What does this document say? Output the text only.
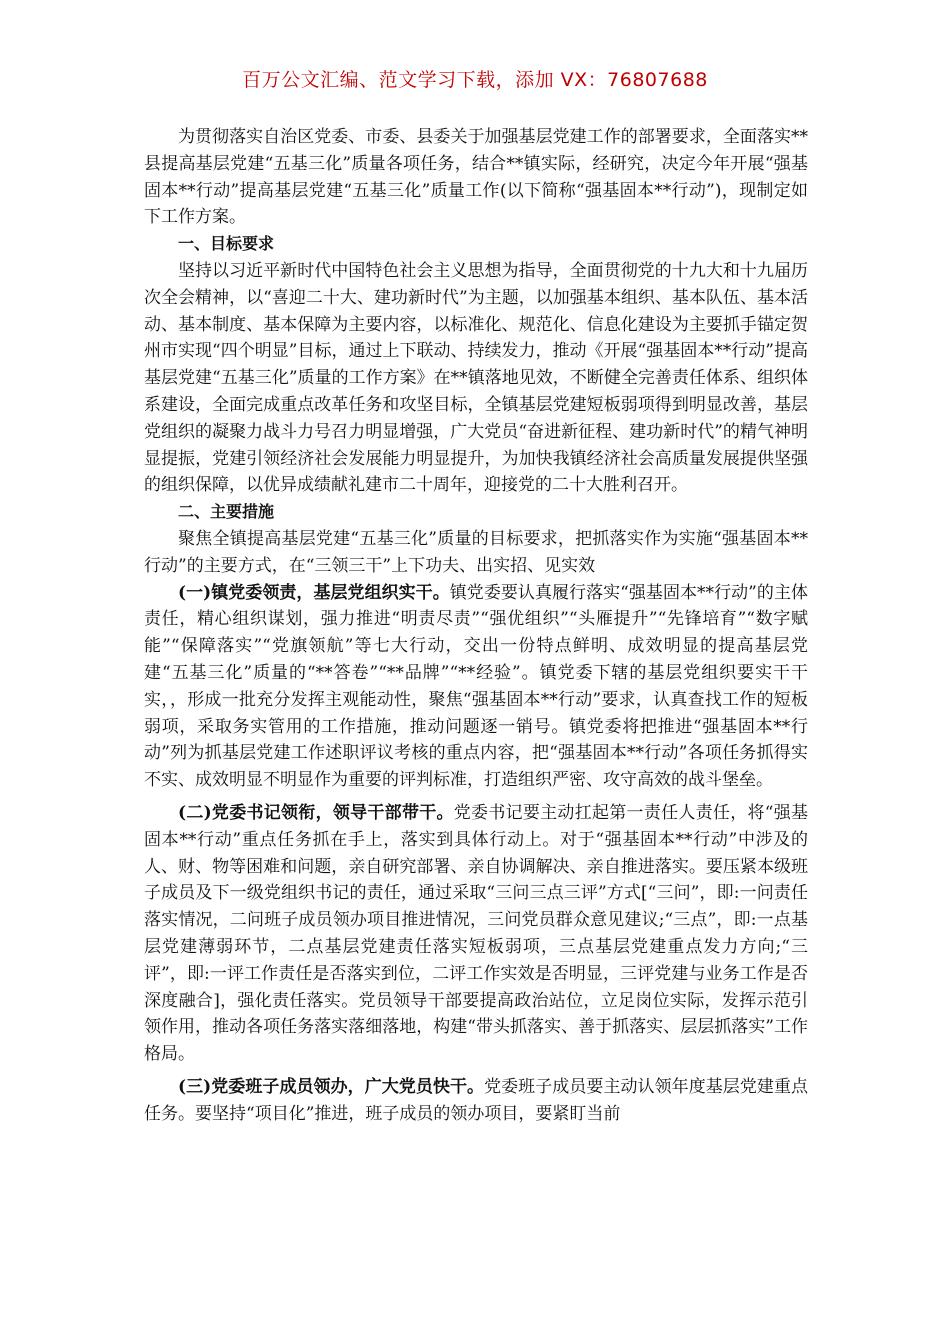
百万公文汇编、范文学习下载，添加 VX：76807688

为贯彻落实自治区党委、市委、县委关于加强基层党建工作的部署要求，全面落实**县提高基层党建“五基三化”质量各项任务，结合**镇实际，经研究，决定今年开展“强基固本**行动”提高基层党建“五基三化”质量工作(以下简称“强基固本**行动”)，现制定如下工作方案。

一、目标要求

坚持以习近平新时代中国特色社会主义思想为指导，全面贯彻党的十九大和十九届历次全会精神，以“喜迎二十大、建功新时代”为主题，以加强基本组织、基本队伍、基本活动、基本制度、基本保障为主要内容，以标准化、规范化、信息化建设为主要抓手锚定贺州市实现“四个明显”目标，通过上下联动、持续发力，推动《开展“强基固本**行动”提高基层党建“五基三化”质量的工作方案》在**镇落地见效，不断健全完善责任体系、组织体系建设，全面完成重点改革任务和攻坚目标，全镇基层党建短板弱项得到明显改善，基层党组织的凝聚力战斗力号召力明显增强，广大党员“奋进新征程、建功新时代”的精气神明显提振，党建引领经济社会发展能力明显提升，为加快我镇经济社会高质量发展提供坚强的组织保障，以优异成绩献礼建市二十周年，迎接党的二十大胜利召开。

二、主要措施

聚焦全镇提高基层党建“五基三化”质量的目标要求，把抓落实作为实施“强基固本**行动”的主要方式，在“三领三干”上下功夫、出实招、见实效

(一)镇党委领责，基层党组织实干。镇党委要认真履行落实“强基固本**行动”的主体责任，精心组织谋划，强力推进“明责尽责”“强优组织”“头雁提升”“先锋培育”“数字赋能”“保障落实”“党旗领航”等七大行动，交出一份特点鲜明、成效明显的提高基层党建“五基三化”质量的“**答卷”“**品牌”“**经验”。镇党委下辖的基层党组织要实干干实，，形成一批充分发挥主观能动性，聚焦“强基固本**行动”要求，认真查找工作的短板弱项，采取务实管用的工作措施，推动问题逐一销号。镇党委将把推进“强基固本**行动”列为抓基层党建工作述职评议考核的重点内容，把“强基固本**行动”各项任务抓得实不实、成效明显不明显作为重要的评判标准，打造组织严密、攻守高效的战斗堡垒。

(二)党委书记领衔，领导干部带干。党委书记要主动扛起第一责任人责任，将“强基固本**行动”重点任务抓在手上，落实到具体行动上。对于“强基固本**行动”中涉及的人、财、物等困难和问题，亲自研究部署、亲自协调解决、亲自推进落实。要压紧本级班子成员及下一级党组织书记的责任，通过采取“三问三点三评”方式[“三问”，即:一问责任落实情况，二问班子成员领办项目推进情况，三问党员群众意见建议;“三点”，即:一点基层党建薄弱环节，二点基层党建责任落实短板弱项，三点基层党建重点发力方向;“三评”，即:一评工作责任是否落实到位，二评工作实效是否明显，三评党建与业务工作是否深度融合]，强化责任落实。党员领导干部要提高政治站位，立足岗位实际，发挥示范引领作用，推动各项任务落实落细落地，构建“带头抓落实、善于抓落实、层层抓落实”工作格局。

(三)党委班子成员领办，广大党员快干。党委班子成员要主动认领年度基层党建重点任务。要坚持“项目化”推进，班子成员的领办项目，要紧盯当前
